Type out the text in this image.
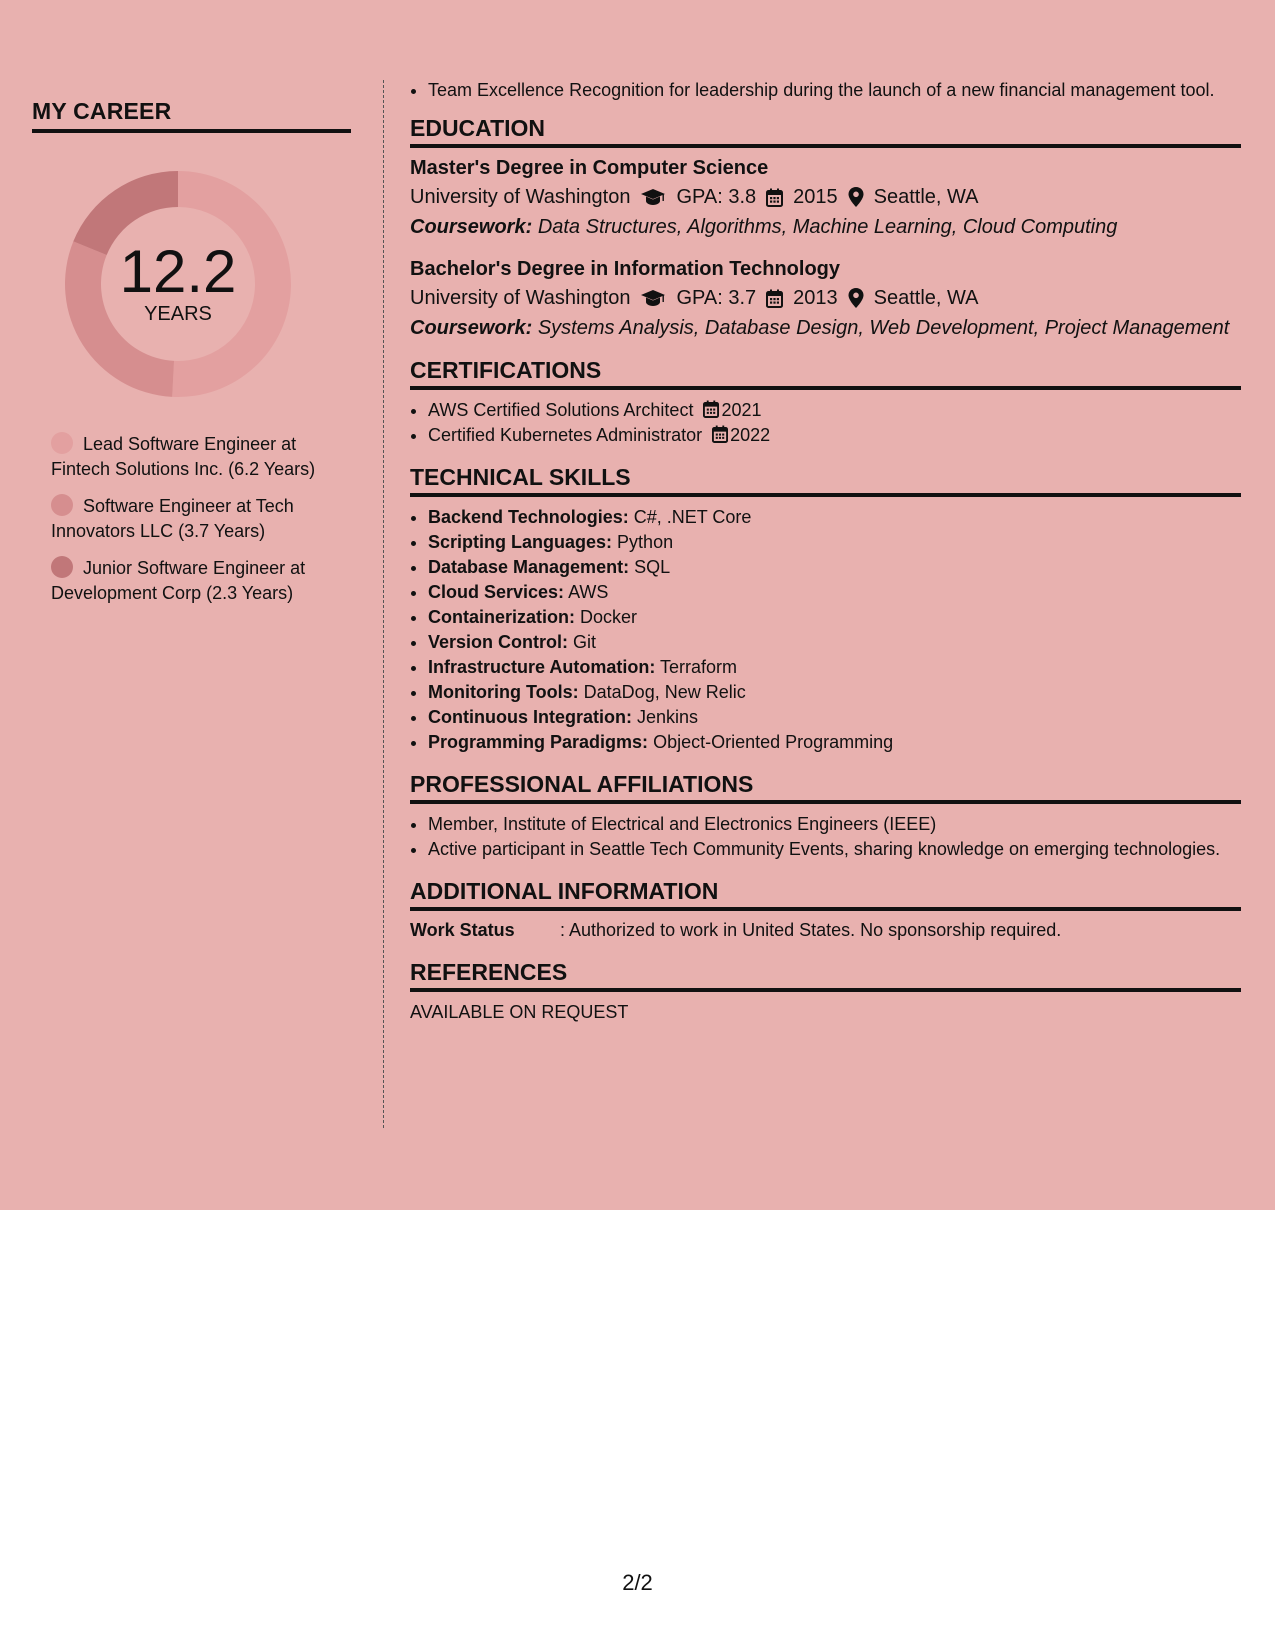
MY CAREER
12.2
YEARS
Lead Software Engineer at Fintech Solutions Inc. (6.2 Years)
Software Engineer at Tech Innovators LLC (3.7 Years)
Junior Software Engineer at Development Corp (2.3 Years)
• Team Excellence Recognition for leadership during the launch of a new financial management tool.
EDUCATION
Master's Degree in Computer Science
University of Washington GPA: 3.8 2015 Seattle, WA
Coursework: Data Structures, Algorithms, Machine Learning, Cloud Computing
Bachelor's Degree in Information Technology
University of Washington GPA: 3.7 2013 Seattle, WA
Coursework: Systems Analysis, Database Design, Web Development, Project Management
CERTIFICATIONS
• AWS Certified Solutions Architect 2021
• Certified Kubernetes Administrator 2022
TECHNICAL SKILLS
• Backend Technologies: C#, .NET Core
• Scripting Languages: Python
• Database Management: SQL
• Cloud Services: AWS
• Containerization: Docker
• Version Control: Git
• Infrastructure Automation: Terraform
• Monitoring Tools: DataDog, New Relic
• Continuous Integration: Jenkins
• Programming Paradigms: Object-Oriented Programming
PROFESSIONAL AFFILIATIONS
• Member, Institute of Electrical and Electronics Engineers (IEEE)
• Active participant in Seattle Tech Community Events, sharing knowledge on emerging technologies.
ADDITIONAL INFORMATION
Work Status	: Authorized to work in United States. No sponsorship required.
REFERENCES
AVAILABLE ON REQUEST
2/2
